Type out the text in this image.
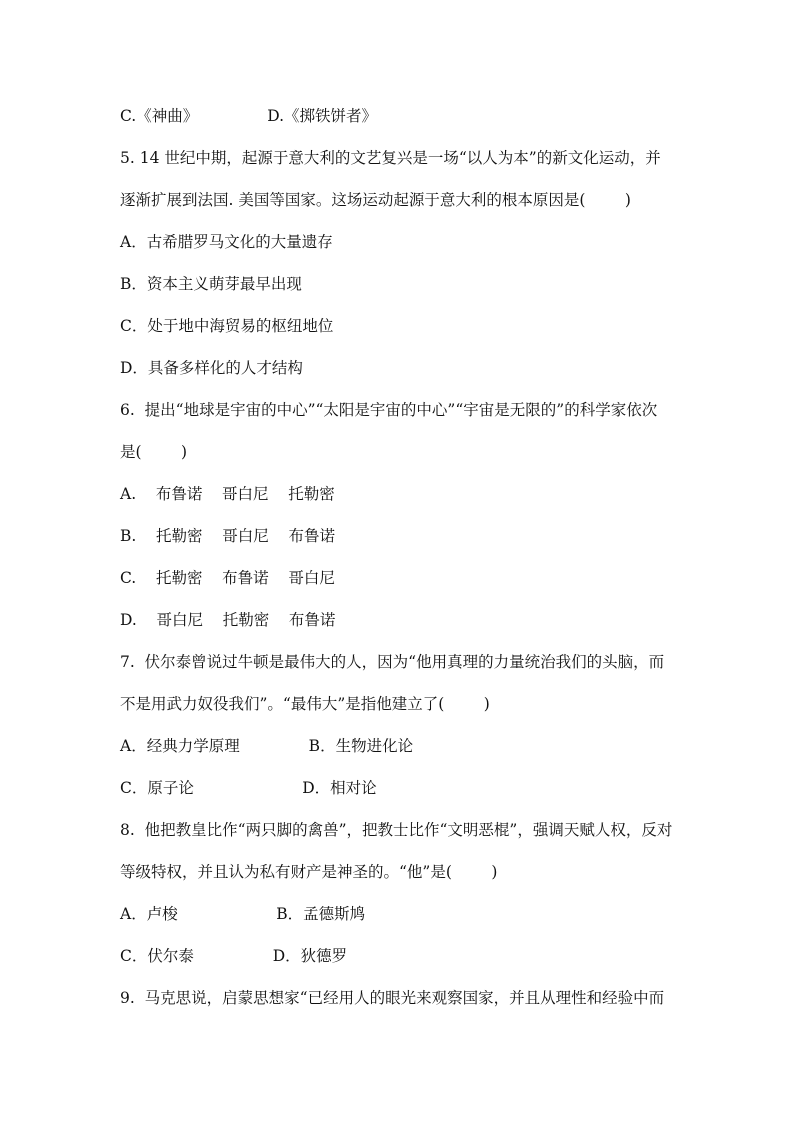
C.《神曲》              D.《掷铁饼者》
5. 14 世纪中期，起源于意大利的文艺复兴是一场“以人为本”的新文化运动，并
逐渐扩展到法国. 美国等国家。这场运动起源于意大利的根本原因是(        )
A．古希腊罗马文化的大量遗存
B．资本主义萌芽最早出现
C．处于地中海贸易的枢纽地位
D．具备多样化的人才结构
6.  提出“地球是宇宙的中心”“太阳是宇宙的中心”“宇宙是无限的”的科学家依次
是(        )
A.    布鲁诺    哥白尼    托勒密
B.    托勒密    哥白尼    布鲁诺
C.    托勒密    布鲁诺    哥白尼
D.    哥白尼    托勒密    布鲁诺
7.  伏尔泰曾说过牛顿是最伟大的人，因为“他用真理的力量统治我们的头脑，而
不是用武力奴役我们”。“最伟大”是指他建立了(        )
A．经典力学原理              B．生物进化论
C．原子论                      D．相对论
8.  他把教皇比作“两只脚的禽兽”，把教士比作“文明恶棍”，强调天赋人权，反对
等级特权，并且认为私有财产是神圣的。“他”是(        )
A．卢梭                    B．孟德斯鸠
C．伏尔泰                D．狄德罗
9.  马克思说，启蒙思想家“已经用人的眼光来观察国家，并且从理性和经验中而
